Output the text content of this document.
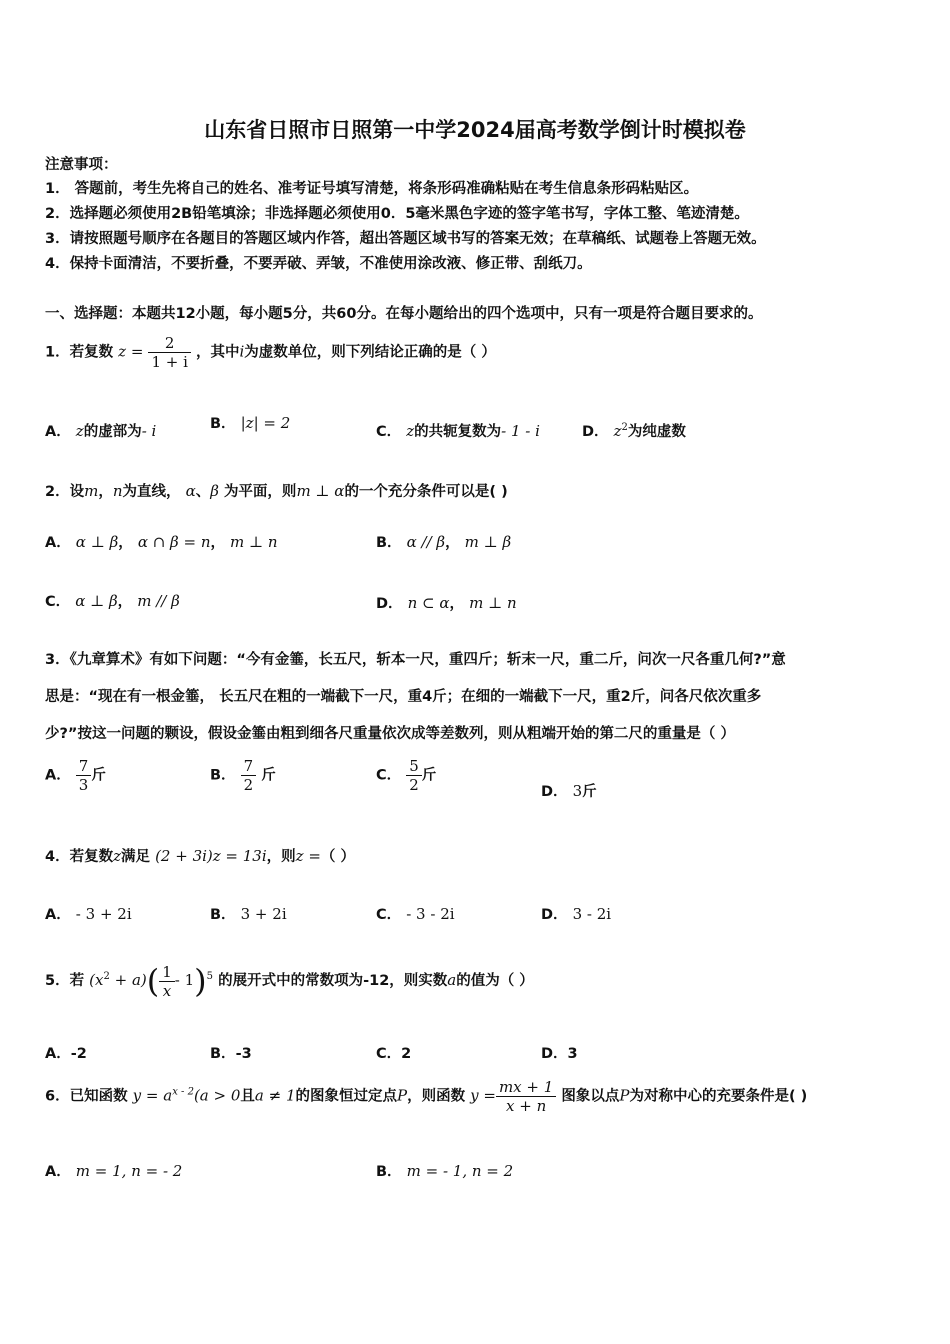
山东省日照市日照第一中学2024届高考数学倒计时模拟卷
注意事项：
1． 答题前，考生先将自己的姓名、准考证号填写清楚，将条形码准确粘贴在考生信息条形码粘贴区。
2．选择题必须使用2B铅笔填涂；非选择题必须使用0．5毫米黑色字迹的签字笔书写，字体工整、笔迹清楚。
3．请按照题号顺序在各题目的答题区域内作答，超出答题区域书写的答案无效；在草稿纸、试题卷上答题无效。
4．保持卡面清洁，不要折叠，不要弄破、弄皱，不准使用涂改液、修正带、刮纸刀。
一、选择题：本题共12小题，每小题5分，共60分。在每小题给出的四个选项中，只有一项是符合题目要求的。
1．若复数 $z = \frac{2}{1 + i}$ ，其中i为虚数单位，则下列结论正确的是（ ）
A． z的虚部为- i	B． |z| = 2	C． z的共轭复数为- 1 - i	D． $z^2$为纯虚数
2．设m，n为直线， α、β 为平面，则m ⊥ α的一个充分条件可以是( )
A． α ⊥ β， α ∩ β = n， m ⊥ n	B． α // β， m ⊥ β
C． α ⊥ β， m // β	D． n ⊂ α， m ⊥ n
3．《九章算术》有如下问题：“今有金箠，长五尺，斩本一尺，重四斤；斩末一尺，重二斤，问次一尺各重几何?”意
思是：“现在有一根金箠， 长五尺在粗的一端截下一尺，重4斤；在细的一端截下一尺，重2斤，问各尺依次重多
少?”按这一问题的颗设，假设金箠由粗到细各尺重量依次成等差数列，则从粗端开始的第二尺的重量是（ ）
A． $\frac{7}{3}$ 斤	B． $\frac{7}{2}$ 斤	C． $\frac{5}{2}$ 斤
D． 3斤
4．若复数z满足 (2 + 3i)z = 13i，则z =（ ）
A． - 3 + 2i	B． 3 + 2i	C． - 3 - 2i	D． 3 - 2i
5．若 $(x^2 + a)( \frac{1}{x} - 1)^5$ 的展开式中的常数项为-12，则实数a的值为（ ）
A．-2	B．-3	C．2	D．3
6．已知函数 $y = a^{x - 2}(a > 0$且a ≠ 1的图象恒过定点P，则函数 $y = \frac{mx + 1}{x + n}$ 图象以点P为对称中心的充要条件是( )
A． m = 1, n = - 2	B． m = - 1, n = 2
